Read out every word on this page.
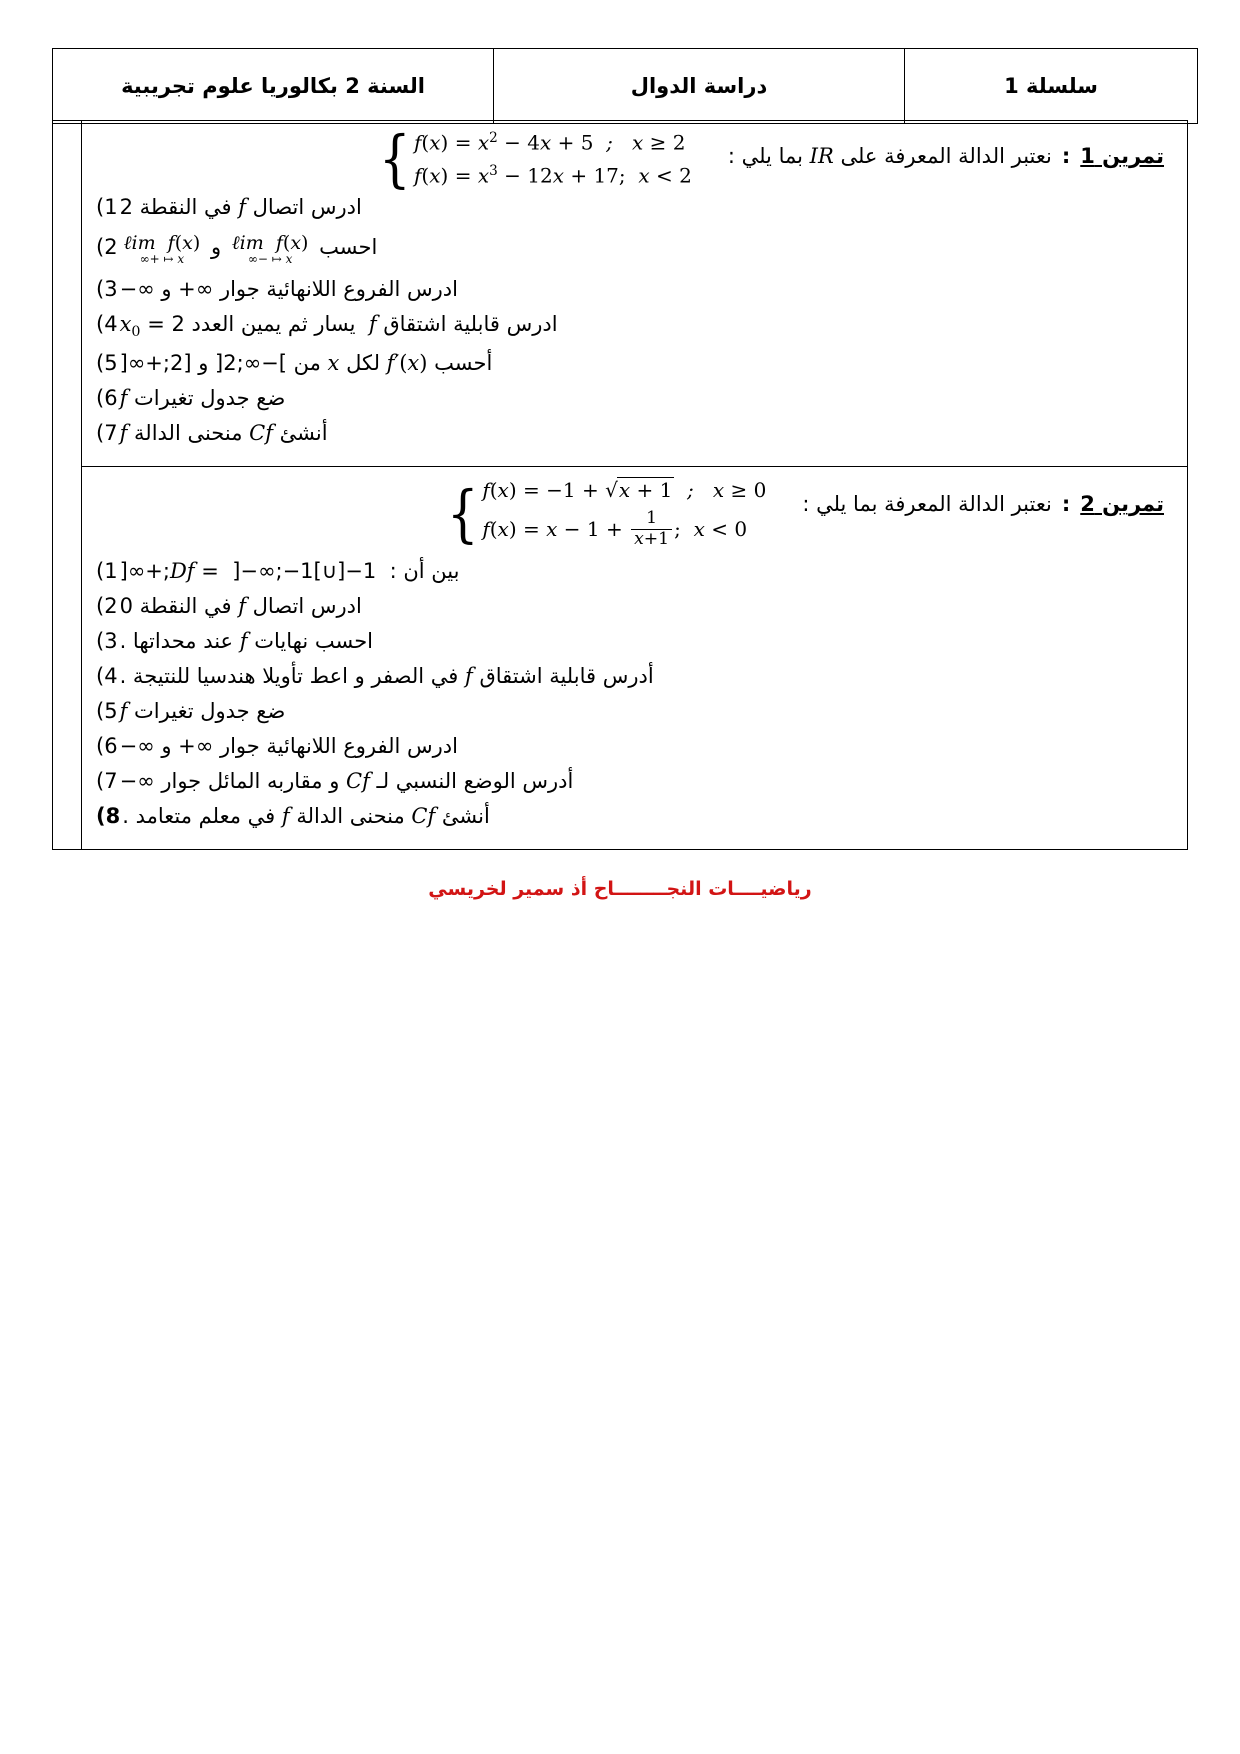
سلسلة 1	دراسة الدوال	السنة 2 بكالوريا علوم تجريبية
تمرين 1
:
نعتبر الدالة المعرفة على IR بما يلي :
{ $f(x) = x^2 - 4x + 5$  ;   x ≥ 2
$f(x) = x^3 - 12x + 17$; x < 2
ادرس اتصال f في النقطة 2
1)
احسب
ℓim  f(x)
x ↦ −∞
و
ℓim  f(x)
x ↦ +∞
2)
ادرس الفروع اللانهائية جوار ∞+ و ∞−
3)
ادرس قابلية اشتقاق f  يسار ثم يمين العدد $x_0 = 2$
4)
أحسب f′(x) لكل x من ]−∞;2[ و [2;+∞[
5)
ضع جدول تغيرات f
6)
أنشئ Cf منحنى الدالة f
7)
تمرين 2
:
نعتبر الدالة المعرفة بما يلي :
{ f(x) = −1 + √x + 1  ;   x ≥ 0
$f(x) = x - 1 + \frac{1}{x+1}$ ; x < 0
بين أن :  Df =  ]−∞;−1[∪]−1;+∞[
1)
ادرس اتصال f في النقطة 0
2)
احسب نهايات f عند محداتها .
3)
أدرس قابلية اشتقاق f في الصفر و اعط تأويلا هندسيا للنتيجة .
4)
ضع جدول تغيرات f
5)
ادرس الفروع اللانهائية جوار ∞+ و ∞−
6)
أدرس الوضع النسبي لـ Cf و مقاربه المائل جوار ∞−
7)
أنشئ Cf منحنى الدالة f في معلم متعامد .
8)
رياضيــــات النجــــــــاح أذ سمير لخريسي
